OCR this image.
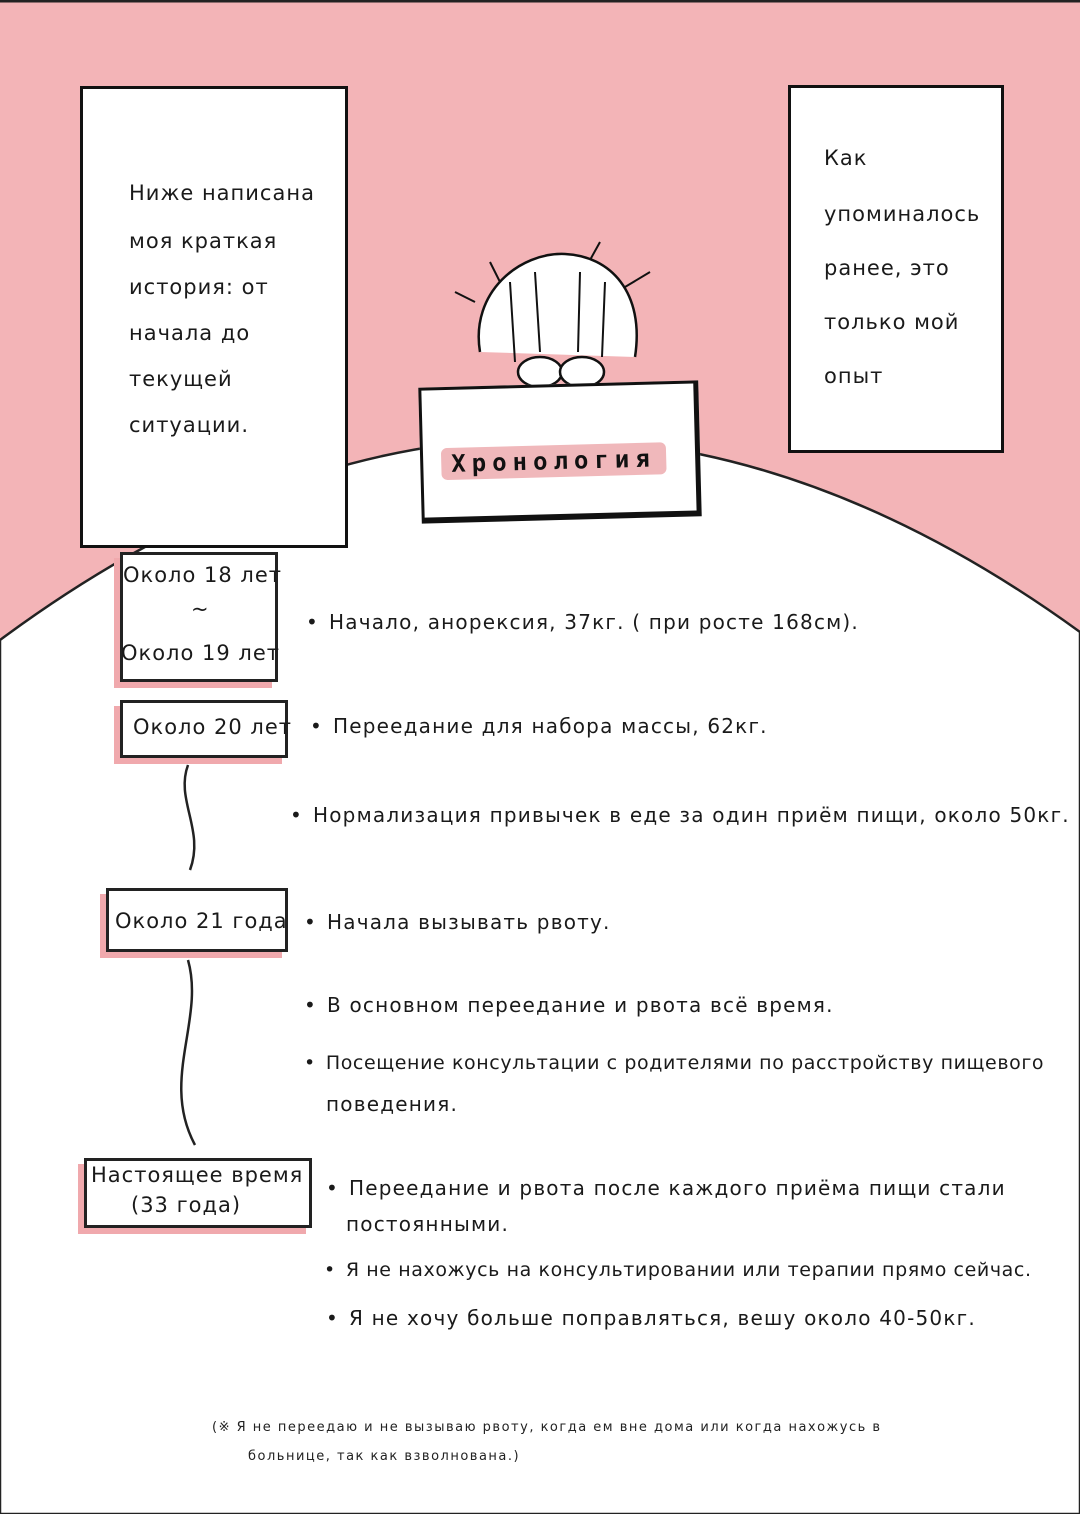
Ниже написана
моя краткая
история: от
начала до
текущей
ситуации.
Как
упоминалось
ранее, это
только мой
опыт
Хронология
Около 18 лет
~
Около 19 лет
Около 20 лет
Около 21 года
Настоящее время
(33 года)
• Начало, анорексия, 37кг. ( при росте 168см).
• Переедание для набора массы, 62кг.
• Нормализация привычек в еде за один приём пищи, около 50кг.
• Начала вызывать рвоту.
• В основном переедание и рвота всё время.
• Посещение консультации с родителями по расстройству пищевого
поведения.
• Переедание и рвота после каждого приёма пищи стали
постоянными.
• Я не нахожусь на консультировании или терапии прямо сейчас.
• Я не хочу больше поправляться, вешу около 40-50кг.
(※ Я не переедаю и не вызываю рвоту, когда ем вне дома или когда нахожусь в
больнице, так как взволнована.)
